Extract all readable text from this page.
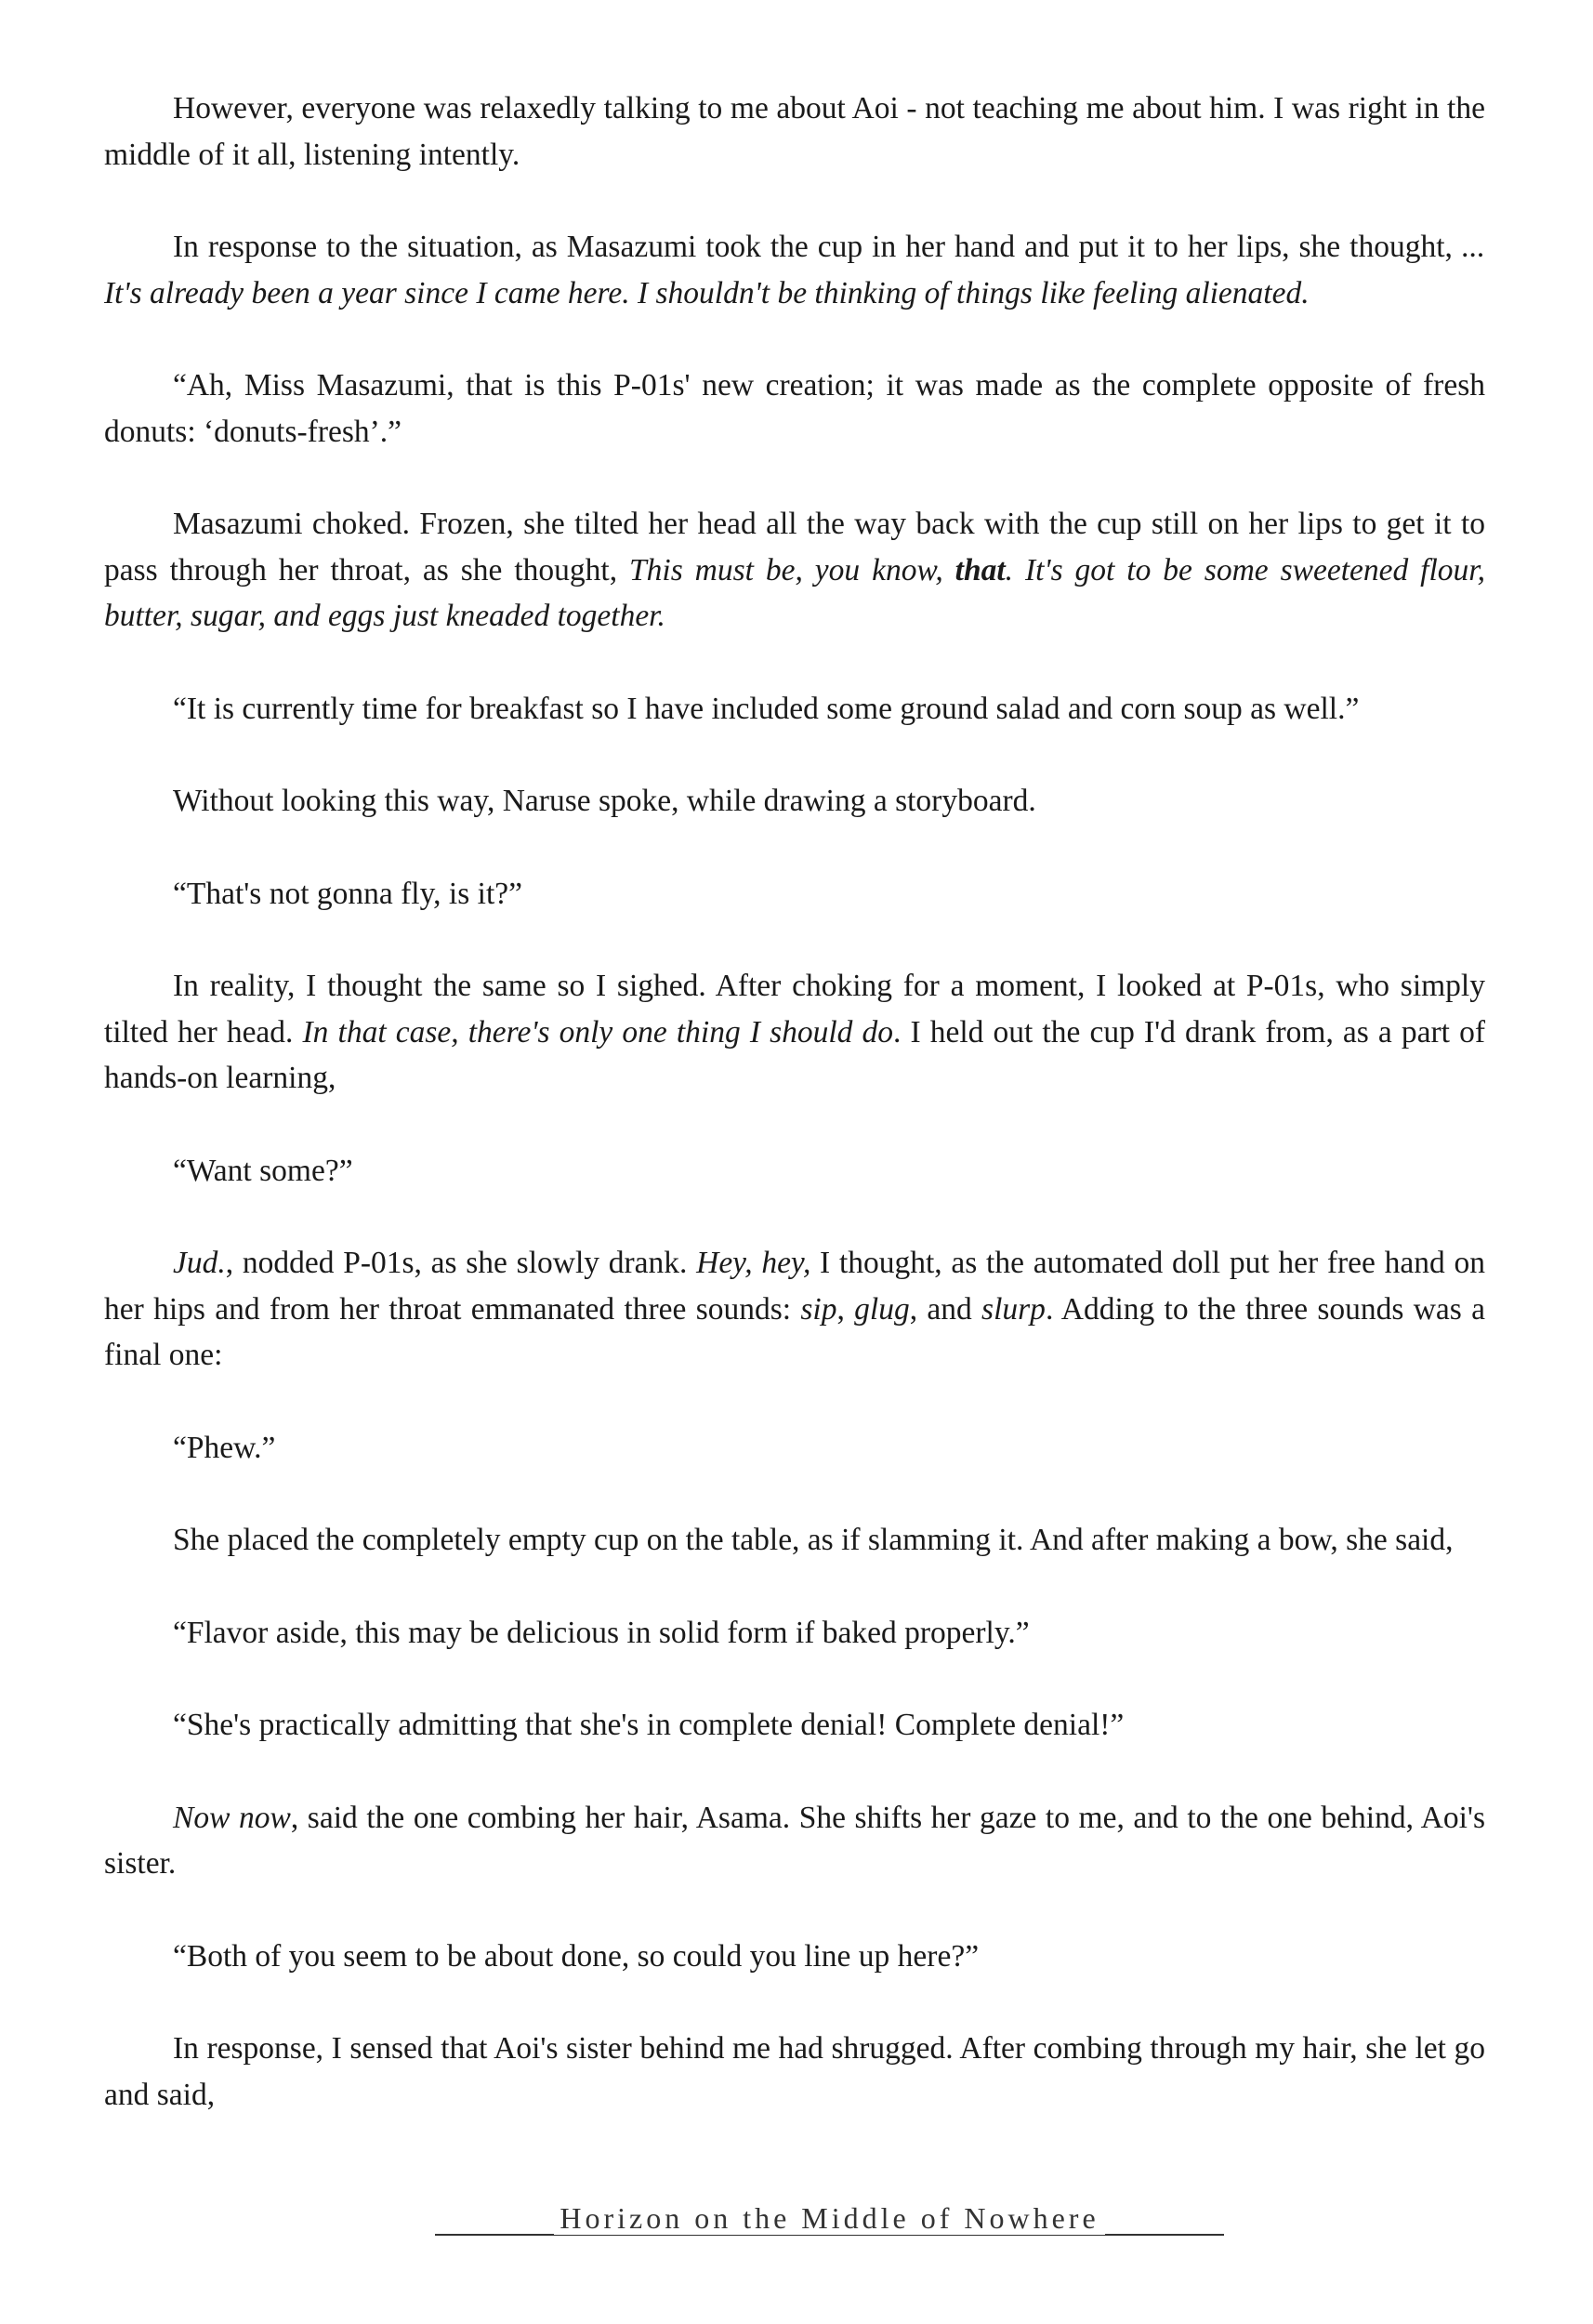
However, everyone was relaxedly talking to me about Aoi - not teaching me about him. I was right in the middle of it all, listening intently.

In response to the situation, as Masazumi took the cup in her hand and put it to her lips, she thought, ... It's already been a year since I came here. I shouldn't be thinking of things like feeling alienated.

“Ah, Miss Masazumi, that is this P-01s' new creation; it was made as the complete opposite of fresh donuts: ‘donuts-fresh’.”

Masazumi choked. Frozen, she tilted her head all the way back with the cup still on her lips to get it to pass through her throat, as she thought, This must be, you know, that. It's got to be some sweetened flour, butter, sugar, and eggs just kneaded together.

“It is currently time for breakfast so I have included some ground salad and corn soup as well.”

Without looking this way, Naruse spoke, while drawing a storyboard.

“That's not gonna fly, is it?”

In reality, I thought the same so I sighed. After choking for a moment, I looked at P-01s, who simply tilted her head. In that case, there's only one thing I should do. I held out the cup I'd drank from, as a part of hands-on learning,

“Want some?”

Jud., nodded P-01s, as she slowly drank. Hey, hey, I thought, as the automated doll put her free hand on her hips and from her throat emmanated three sounds: sip, glug, and slurp. Adding to the three sounds was a final one:

“Phew.”

She placed the completely empty cup on the table, as if slamming it. And after making a bow, she said,

“Flavor aside, this may be delicious in solid form if baked properly.”

“She's practically admitting that she's in complete denial! Complete denial!”

Now now, said the one combing her hair, Asama. She shifts her gaze to me, and to the one behind, Aoi's sister.

“Both of you seem to be about done, so could you line up here?”

In response, I sensed that Aoi's sister behind me had shrugged. After combing through my hair, she let go and said,

Horizon on the Middle of Nowhere
